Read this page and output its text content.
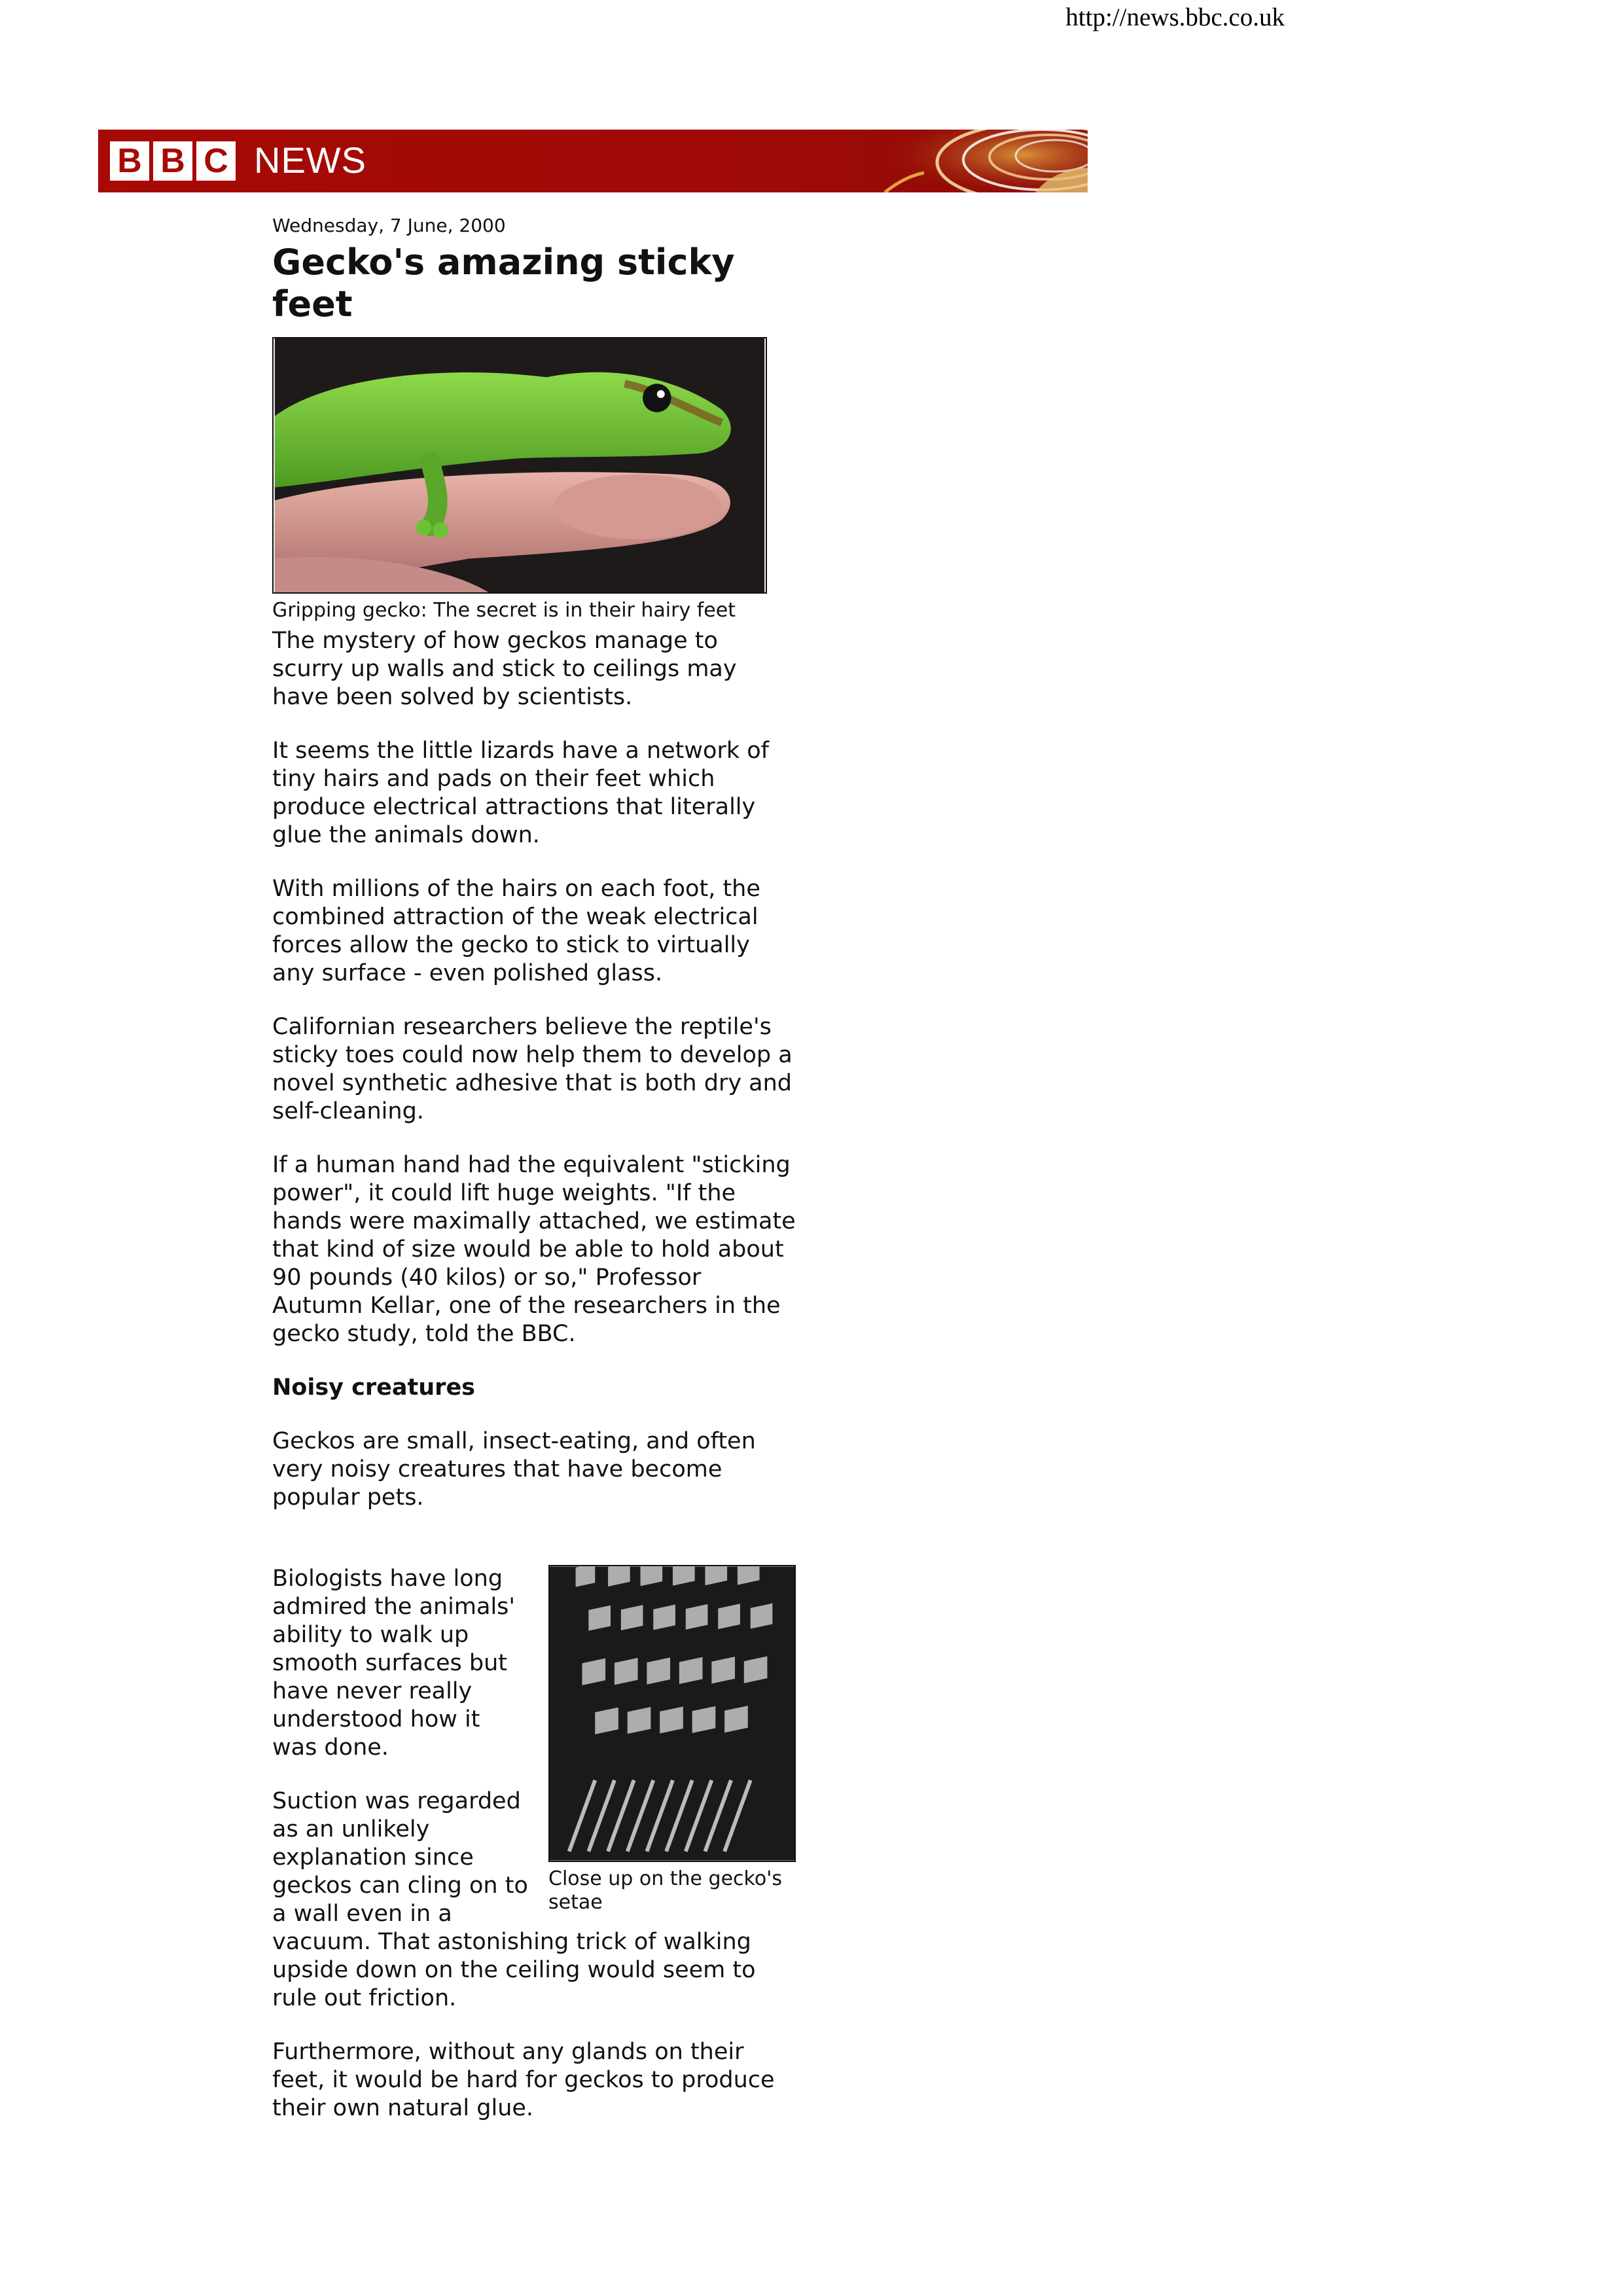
http://news.bbc.co.uk
B B C NEWS
Wednesday, 7 June, 2000
Gecko's amazing sticky feet
Gripping gecko: The secret is in their hairy feet

The mystery of how geckos manage to scurry up walls and stick to ceilings may have been solved by scientists.

It seems the little lizards have a network of tiny hairs and pads on their feet which produce electrical attractions that literally glue the animals down.

With millions of the hairs on each foot, the combined attraction of the weak electrical forces allow the gecko to stick to virtually any surface - even polished glass.

Californian researchers believe the reptile's sticky toes could now help them to develop a novel synthetic adhesive that is both dry and self-cleaning.

If a human hand had the equivalent "sticking power", it could lift huge weights. "If the hands were maximally attached, we estimate that kind of size would be able to hold about 90 pounds (40 kilos) or so," Professor Autumn Kellar, one of the researchers in the gecko study, told the BBC.

Noisy creatures

Geckos are small, insect-eating, and often very noisy creatures that have become popular pets.

Close up on the gecko's setae

Biologists have long admired the animals' ability to walk up smooth surfaces but have never really understood how it was done.

Suction was regarded as an unlikely explanation since geckos can cling on to a wall even in a vacuum. That astonishing trick of walking upside down on the ceiling would seem to rule out friction.

Furthermore, without any glands on their feet, it would be hard for geckos to produce their own natural glue.
